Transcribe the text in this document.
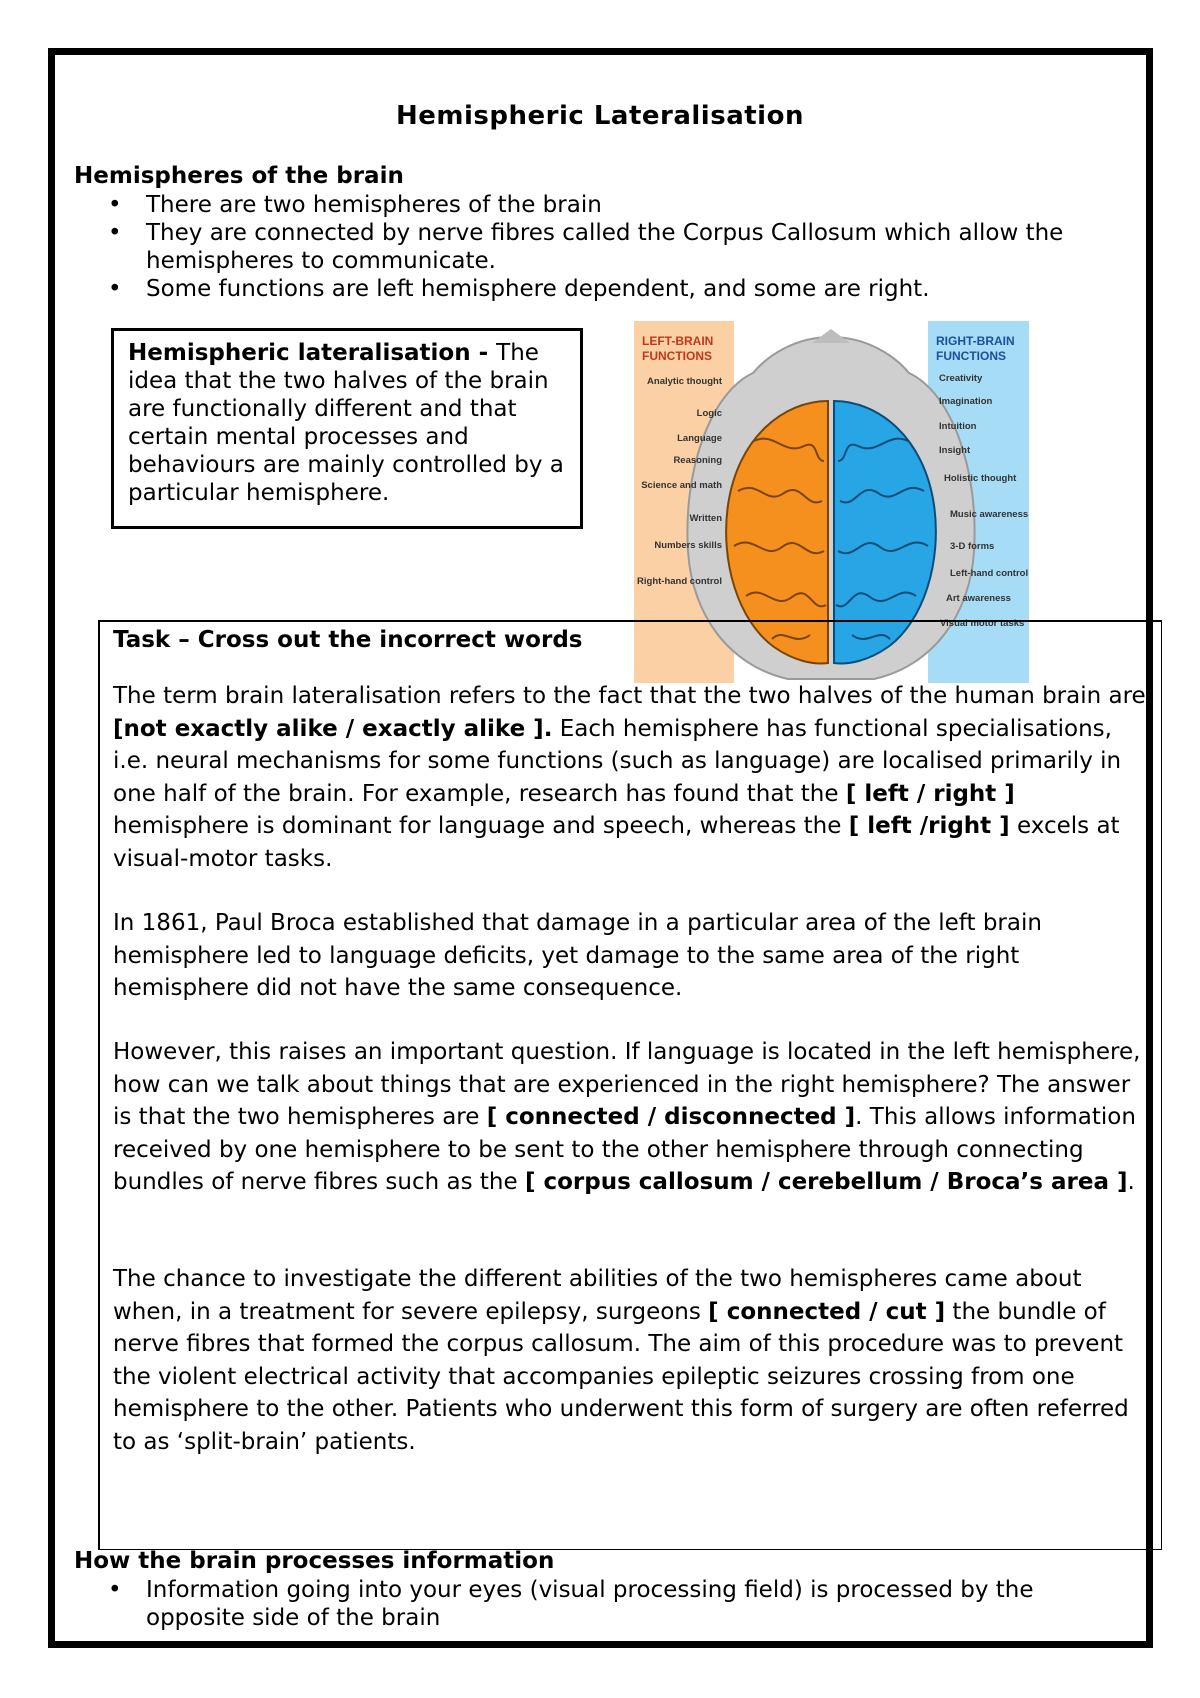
Hemispheric Lateralisation
Hemispheres of the brain
• There are two hemispheres of the brain
• They are connected by nerve fibres called the Corpus Callosum which allow the hemispheres to communicate.
• Some functions are left hemisphere dependent, and some are right.
Hemispheric lateralisation - The idea that the two halves of the brain are functionally different and that certain mental processes and behaviours are mainly controlled by a particular hemisphere.
LEFT-BRAIN
FUNCTIONS
Analytic thought
Logic
Language
Reasoning
Science and math
Written
Numbers skills
Right-hand control
RIGHT-BRAIN
FUNCTIONS
Creativity
Imagination
Intuition
Insight
Holistic thought
Music awareness
3-D forms
Left-hand control
Art awareness
Visual motor tasks
Task – Cross out the incorrect words

The term brain lateralisation refers to the fact that the two halves of the human brain are [not exactly alike / exactly alike ]. Each hemisphere has functional specialisations, i.e. neural mechanisms for some functions (such as language) are localised primarily in one half of the brain. For example, research has found that the [ left / right ] hemisphere is dominant for language and speech, whereas the [ left /right ] excels at visual-motor tasks.

In 1861, Paul Broca established that damage in a particular area of the left brain hemisphere led to language deficits, yet damage to the same area of the right hemisphere did not have the same consequence.

However, this raises an important question. If language is located in the left hemisphere, how can we talk about things that are experienced in the right hemisphere? The answer is that the two hemispheres are [ connected / disconnected ]. This allows information received by one hemisphere to be sent to the other hemisphere through connecting bundles of nerve fibres such as the [ corpus callosum / cerebellum / Broca’s area ].

The chance to investigate the different abilities of the two hemispheres came about when, in a treatment for severe epilepsy, surgeons [ connected / cut ] the bundle of nerve fibres that formed the corpus callosum. The aim of this procedure was to prevent the violent electrical activity that accompanies epileptic seizures crossing from one hemisphere to the other. Patients who underwent this form of surgery are often referred to as ‘split-brain’ patients.

How the brain processes information
• Information going into your eyes (visual processing field) is processed by the opposite side of the brain
